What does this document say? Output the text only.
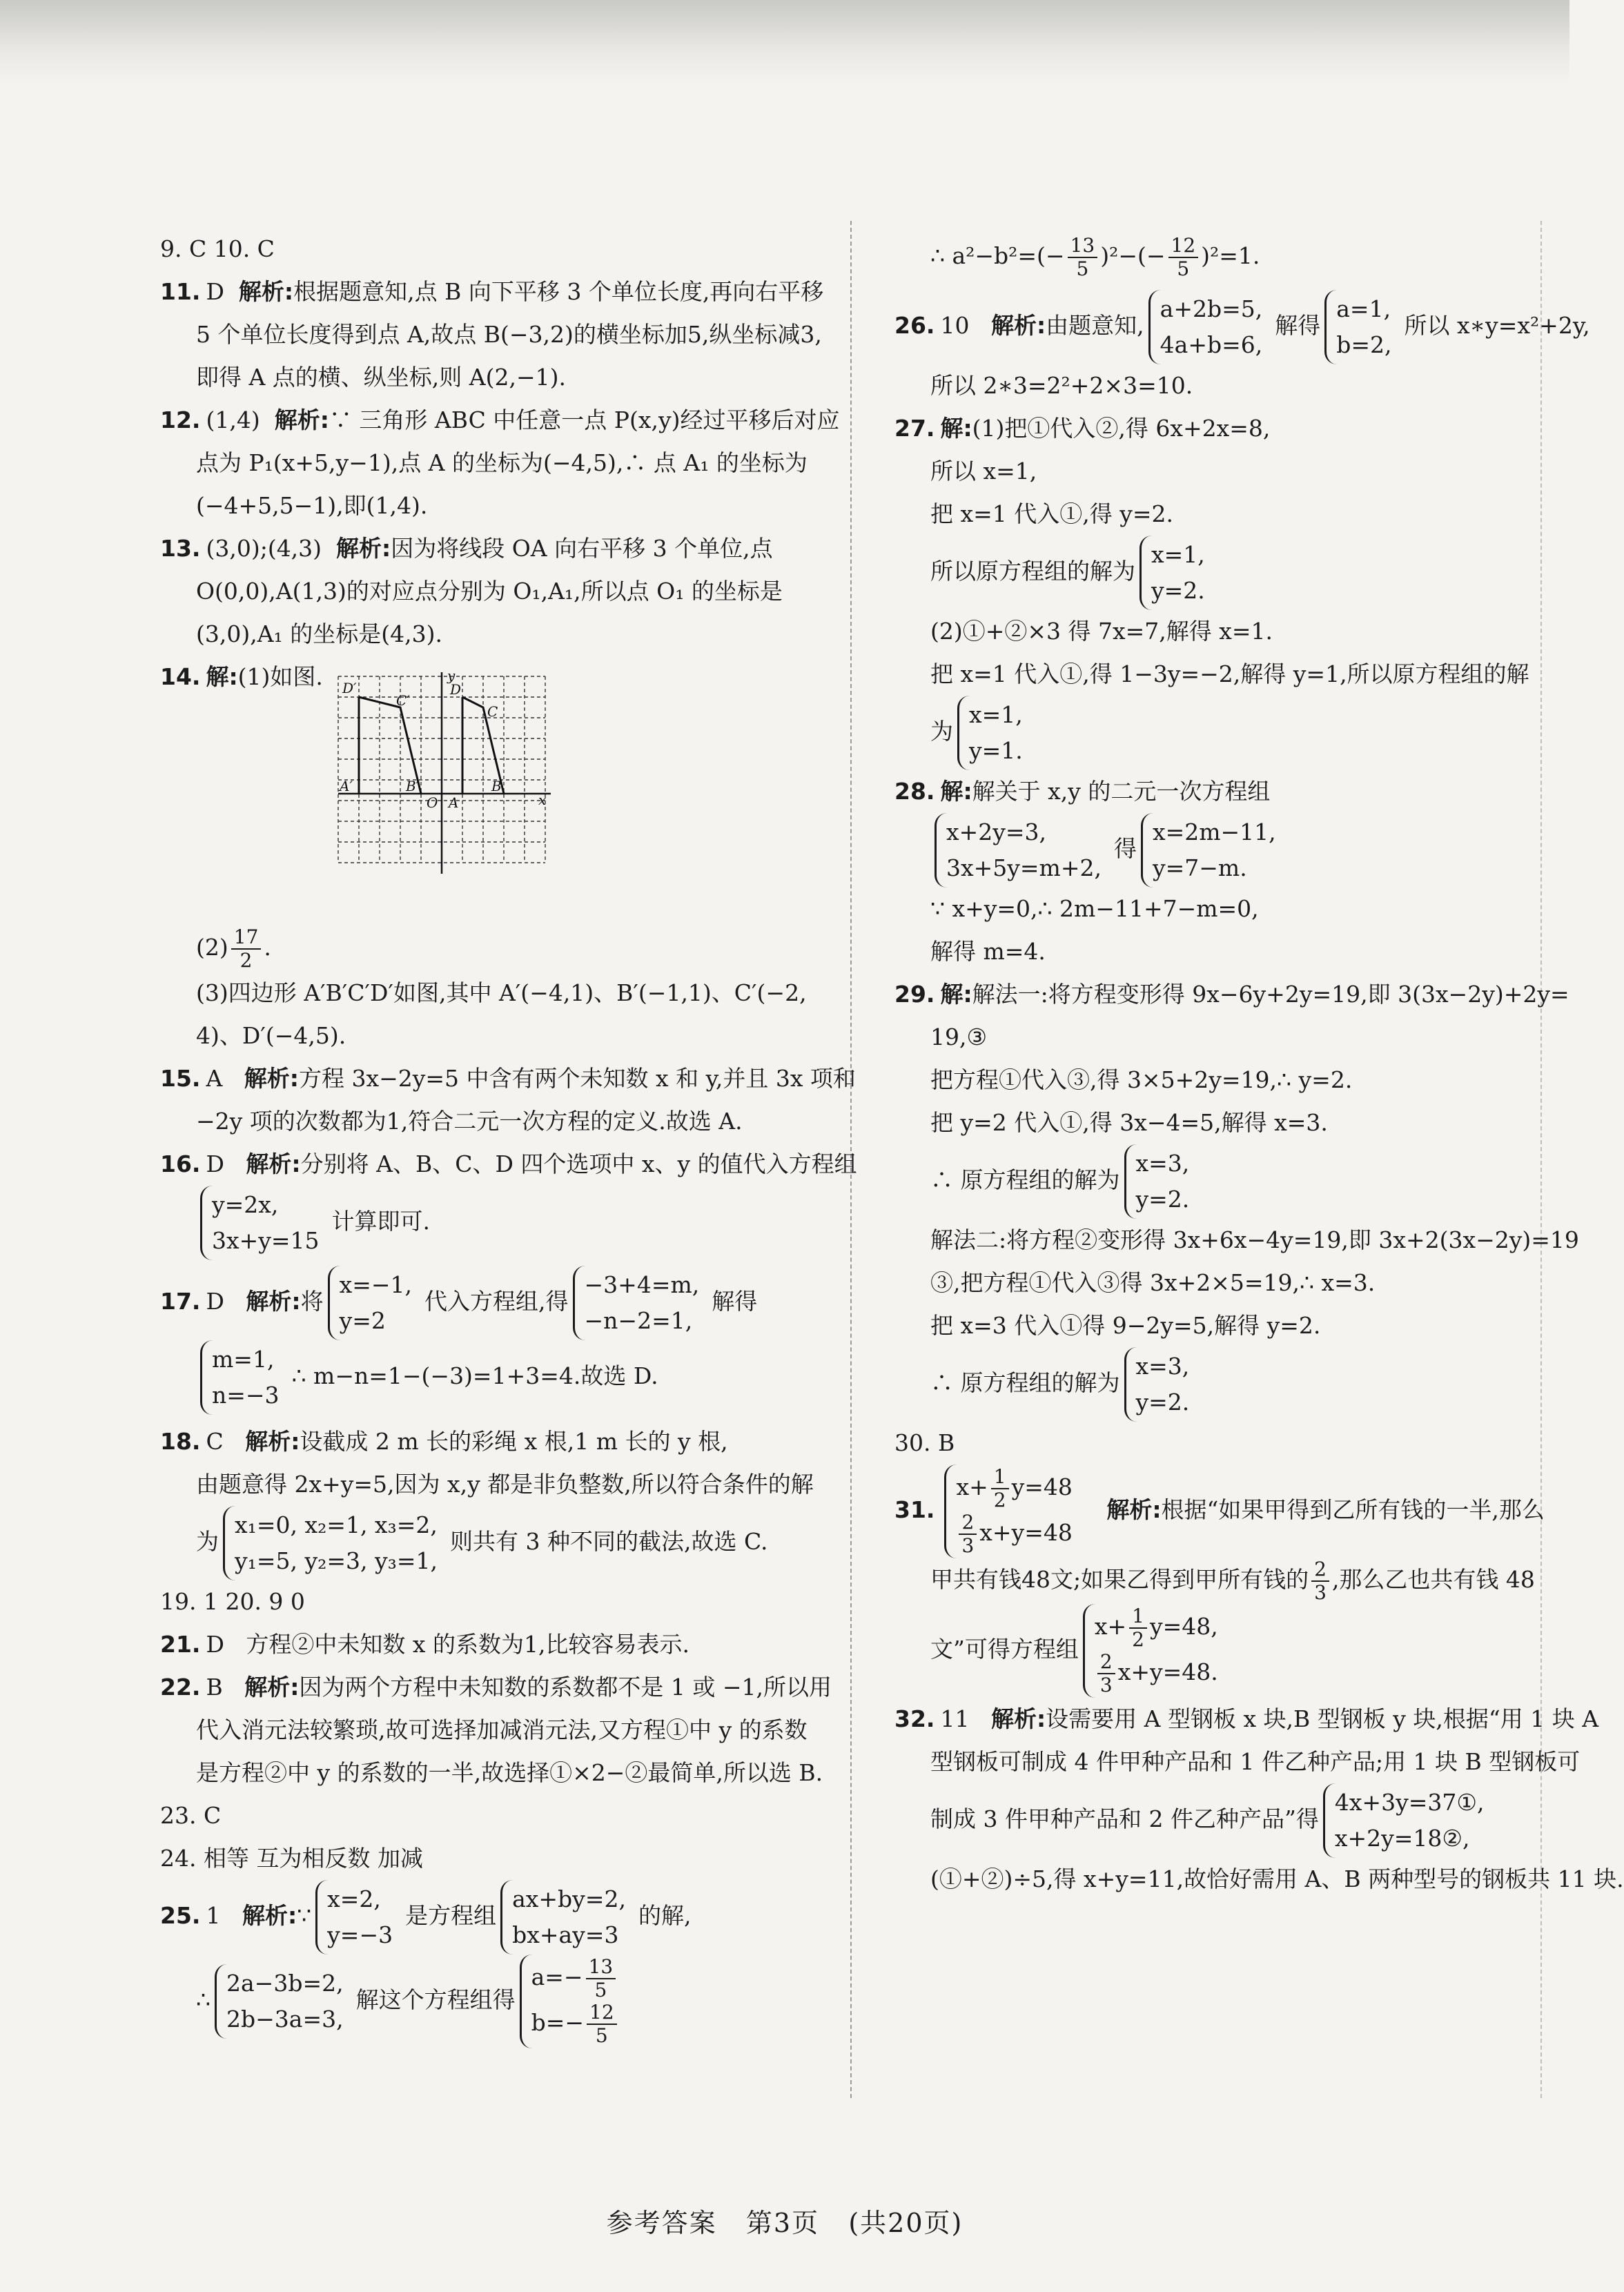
9. C 10. C
11. D 解析:根据题意知,点 B 向下平移 3 个单位长度,再向右平移
5 个单位长度得到点 A,故点 B(−3,2)的横坐标加5,纵坐标减3,
即得 A 点的横、纵坐标,则 A(2,−1).
12. (1,4) 解析:∵ 三角形 ABC 中任意一点 P(x,y)经过平移后对应
点为 P₁(x+5,y−1),点 A 的坐标为(−4,5),∴ 点 A₁ 的坐标为
(−4+5,5−1),即(1,4).
13. (3,0);(4,3) 解析:因为将线段 OA 向右平移 3 个单位,点
O(0,0),A(1,3)的对应点分别为 O₁,A₁,所以点 O₁ 的坐标是
(3,0),A₁ 的坐标是(4,3).
14. 解:(1)如图.
$(2) \frac{17}{2}$ .
(3)四边形 A′B′C′D′如图,其中 A′(−4,1)、B′(−1,1)、C′(−2,
4)、D′(−4,5).
15. A 解析:方程 3x−2y=5 中含有两个未知数 x 和 y,并且 3x 项和
−2y 项的次数都为1,符合二元一次方程的定义.故选 A.
16. D 解析:分别将 A、B、C、D 四个选项中 x、y 的值代入方程组
y=2x,
3x+y=15
计算即可.
17. D 解析:将
x=−1,
y=2
代入方程组,得
−3+4=m,
−n−2=1,
解得
m=1,
n=−3
∴ m−n=1−(−3)=1+3=4.故选 D.
18. C 解析:设截成 2 m 长的彩绳 x 根,1 m 长的 y 根,
由题意得 2x+y=5,因为 x,y 都是非负整数,所以符合条件的解
为
x₁=0, x₂=1, x₃=2,
y₁=5, y₂=3, y₃=1,
则共有 3 种不同的截法,故选 C.
19. 1 20. 9 0
21. D 方程②中未知数 x 的系数为1,比较容易表示.
22. B 解析:因为两个方程中未知数的系数都不是 1 或 −1,所以用
代入消元法较繁琐,故可选择加减消元法,又方程①中 y 的系数
是方程②中 y 的系数的一半,故选择①×2−②最简单,所以选 B.
23. C
24. 相等 互为相反数 加减
25. 1 解析:∵
x=2,
y=−3
是方程组
ax+by=2,
bx+ay=3
的解,
∴
2a−3b=2,
2b−3a=3,
解这个方程组得
$a=- \frac{13}{5}$
$b=- \frac{12}{5}$
D′
C′
A′	B′
O A
D
C
B
y
x
∴ $a^2-b^2=(- \frac{13}{5} )^2-(- \frac{12}{5} )^2=1$.
26. 10 解析:由题意知,
a+2b=5,
4a+b=6,
解得
a=1,
b=2,
所以 x∗y=x²+2y,
所以 2∗3=2²+2×3=10.
27. 解:(1)把①代入②,得 6x+2x=8,
所以 x=1,
把 x=1 代入①,得 y=2.
所以原方程组的解为
x=1,
y=2.
(2)①+②×3 得 7x=7,解得 x=1.
把 x=1 代入①,得 1−3y=−2,解得 y=1,所以原方程组的解
为
x=1,
y=1.
28. 解:解关于 x,y 的二元一次方程组
x+2y=3,
3x+5y=m+2,
得
x=2m−11,
y=7−m.
∵ x+y=0,∴ 2m−11+7−m=0,
解得 m=4.
29. 解:解法一:将方程变形得 9x−6y+2y=19,即 3(3x−2y)+2y=
19,③
把方程①代入③,得 3×5+2y=19,∴ y=2.
把 y=2 代入①,得 3x−4=5,解得 x=3.
∴ 原方程组的解为
x=3,
y=2.
解法二:将方程②变形得 3x+6x−4y=19,即 3x+2(3x−2y)=19
③,把方程①代入③得 3x+2×5=19,∴ x=3.
把 x=3 代入①得 9−2y=5,解得 y=2.
∴ 原方程组的解为
x=3,
y=2.
30. B
31.
$x+ \frac{1}{2} y=48$
$\frac{2}{3} x+y=48$
解析:根据“如果甲得到乙所有钱的一半,那么
甲共有钱48文;如果乙得到甲所有钱的 $\frac{2}{3}$ ,那么乙也共有钱 48
文”可得方程组
$x+ \frac{1}{2} y=48$,
$\frac{2}{3} x+y=48$.
32. 11 解析:设需要用 A 型钢板 x 块,B 型钢板 y 块,根据“用 1 块 A
型钢板可制成 4 件甲种产品和 1 件乙种产品;用 1 块 B 型钢板可
制成 3 件甲种产品和 2 件乙种产品”得
4x+3y=37①,
x+2y=18②,
(①+②)÷5,得 x+y=11,故恰好需用 A、B 两种型号的钢板共 11 块.
参考答案 第3页 (共20页)
